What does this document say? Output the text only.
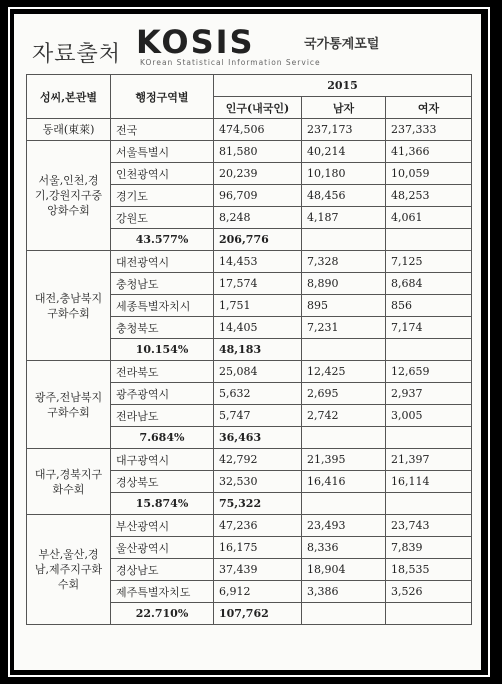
자료출처 KOSIS	국가통계포털
KOrean Statistical Information Service
성씨,본관별	행정구역별	2015		
		인구(내국인)	남자	여자
동래(東萊)	전국	474,506	237,173	237,333
서울,인천,경기,강원지구중앙화수회	서울특별시	81,580	40,214	41,366
	인천광역시	20,239	10,180	10,059
	경기도	96,709	48,456	48,253
	강원도	8,248	4,187	4,061
	43.577%	206,776		
대전,충남북지구화수회	대전광역시	14,453	7,328	7,125
	충청남도	17,574	8,890	8,684
	세종특별자치시	1,751	895	856
	충청북도	14,405	7,231	7,174
	10.154%	48,183		
광주,전남북지구화수회	전라북도	25,084	12,425	12,659
	광주광역시	5,632	2,695	2,937
	전라남도	5,747	2,742	3,005
	7.684%	36,463		
대구,경북지구화수회	대구광역시	42,792	21,395	21,397
	경상북도	32,530	16,416	16,114
	15.874%	75,322		
부산,울산,경남,제주지구화수회	부산광역시	47,236	23,493	23,743
	울산광역시	16,175	8,336	7,839
	경상남도	37,439	18,904	18,535
	제주특별자치도	6,912	3,386	3,526
	22.710%	107,762		
